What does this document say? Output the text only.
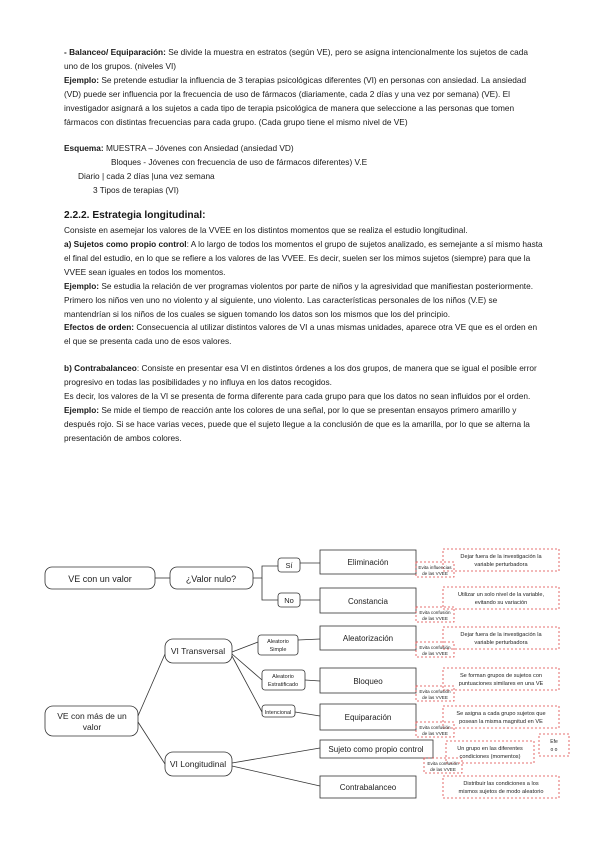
- Balanceo/ Equiparación: Se divide la muestra en estratos (según VE), pero se asigna intencionalmente los sujetos de cada uno de los grupos. (niveles VI)

Ejemplo: Se pretende estudiar la influencia de 3 terapias psicológicas diferentes (VI) en personas con ansiedad. La ansiedad (VD) puede ser influencia por la frecuencia de uso de fármacos (diariamente, cada 2 días y una vez por semana) (VE). El investigador asignará a los sujetos a cada tipo de terapia psicológica de manera que seleccione a las personas que tomen fármacos con distintas frecuencias para cada grupo. (Cada grupo tiene el mismo nivel de VE)

Esquema: MUESTRA – Jóvenes con Ansiedad (ansiedad VD)

Bloques - Jóvenes con frecuencia de uso de fármacos diferentes) V.E

Diario | cada 2 días |una vez semana

3 Tipos de terapias (VI)

2.2.2. Estrategia longitudinal:

Consiste en asemejar los valores de la VVEE en los distintos momentos que se realiza el estudio longitudinal.

a) Sujetos como propio control: A lo largo de todos los momentos el grupo de sujetos analizado, es semejante a sí mismo hasta el final del estudio, en lo que se refiere a los valores de las VVEE. Es decir, suelen ser los mimos sujetos (siempre) para que la VVEE sean iguales en todos los momentos.

Ejemplo: Se estudia la relación de ver programas violentos por parte de niños y la agresividad que manifiestan posteriormente. Primero los niños ven uno no violento y al siguiente, uno violento. Las características personales de los niños (V.E) se mantendrían si los niños de los cuales se siguen tomando los datos son los mismos que los del principio.

Efectos de orden: Consecuencia al utilizar distintos valores de VI a unas mismas unidades, aparece otra VE que es el orden en el que se presenta cada uno de esos valores.

b) Contrabalanceo: Consiste en presentar esa VI en distintos órdenes a los dos grupos, de manera que se igual el posible error progresivo en todas las posibilidades y no influya en los datos recogidos.

Es decir, los valores de la VI se presenta de forma diferente para cada grupo para que los datos no sean influidos por el orden.

Ejemplo: Se mide el tiempo de reacción ante los colores de una señal, por lo que se presentan ensayos primero amarillo y después rojo. Si se hace varias veces, puede que el sujeto llegue a la conclusión de que es la amarilla, por lo que se alterna la presentación de ambos colores.

VE con un valor	¿Valor nulo?
Sí
No
Eliminación
Constancia
VE con más de un
valor
VI Transversal
VI Longitudinal
Aleatorio
Simple
Aleatorio
Estratificado
Intencional
Aleatorización
Bloqueo
Equiparación
Sujeto como propio control
Contrabalanceo
Evita influencias
de las VVEE
Evita confusión
de las VVEE
Evita confusión
de las VVEE
Evita confusión
de las VVEE
Evita confusión
de las VVEE
Evita confusión
de las VVEE
Dejar fuera de la investigación la
variable perturbadora
Utilizar un solo nivel de la variable,
evitando su variación
Dejar fuera de la investigación la
variable perturbadora
Se forman grupos de sujetos con
puntuaciones similares en una VE
Se asigna a cada grupo sujetos que
posean la misma magnitud en VE
Un grupo en las diferentes
condiciones (momentos)
Distribuir las condiciones a los
mismos sujetos de modo aleatorio
Efe
o o
